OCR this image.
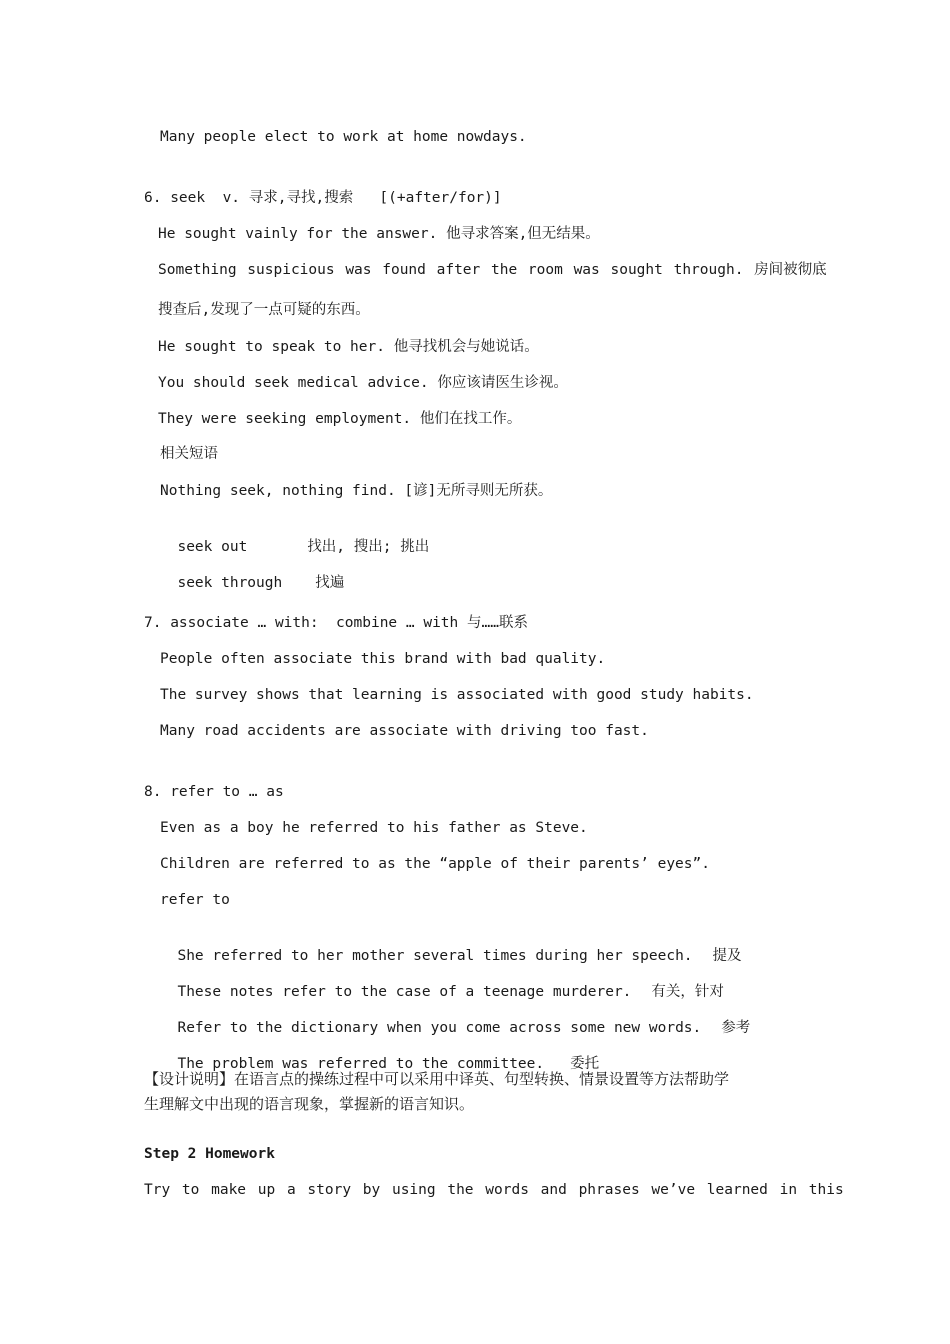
Many people elect to work at home nowdays.
6. seek  v. 寻求,寻找,搜索   [(+after/for)]
He sought vainly for the answer. 他寻求答案,但无结果。
Something suspicious was found after the room was sought through. 房间被彻底
搜查后,发现了一点可疑的东西。
He sought to speak to her. 他寻找机会与她说话。
You should seek medical advice. 你应该请医生诊视。
They were seeking employment. 他们在找工作。
相关短语
Nothing seek, nothing find. [谚]无所寻则无所获。

seek out	找出, 搜出; 挑出

seek through 找遍

7. associate … with:  combine … with 与……联系
People often associate this brand with bad quality.
The survey shows that learning is associated with good study habits.
Many road accidents are associate with driving too fast.
8. refer to … as
Even as a boy he referred to his father as Steve.
Children are referred to as the “apple of their parents’ eyes”.
refer to

She referred to her mother several times during her speech. 提及

These notes refer to the case of a teenage murderer. 有关，针对

Refer to the dictionary when you come across some new words. 参考

The problem was referred to the committee. 委托

【设计说明】在语言点的操练过程中可以采用中译英、句型转换、情景设置等方法帮助学
生理解文中出现的语言现象，掌握新的语言知识。
Step 2 Homework
Try to make up a story by using the words and phrases we’ve learned in this
